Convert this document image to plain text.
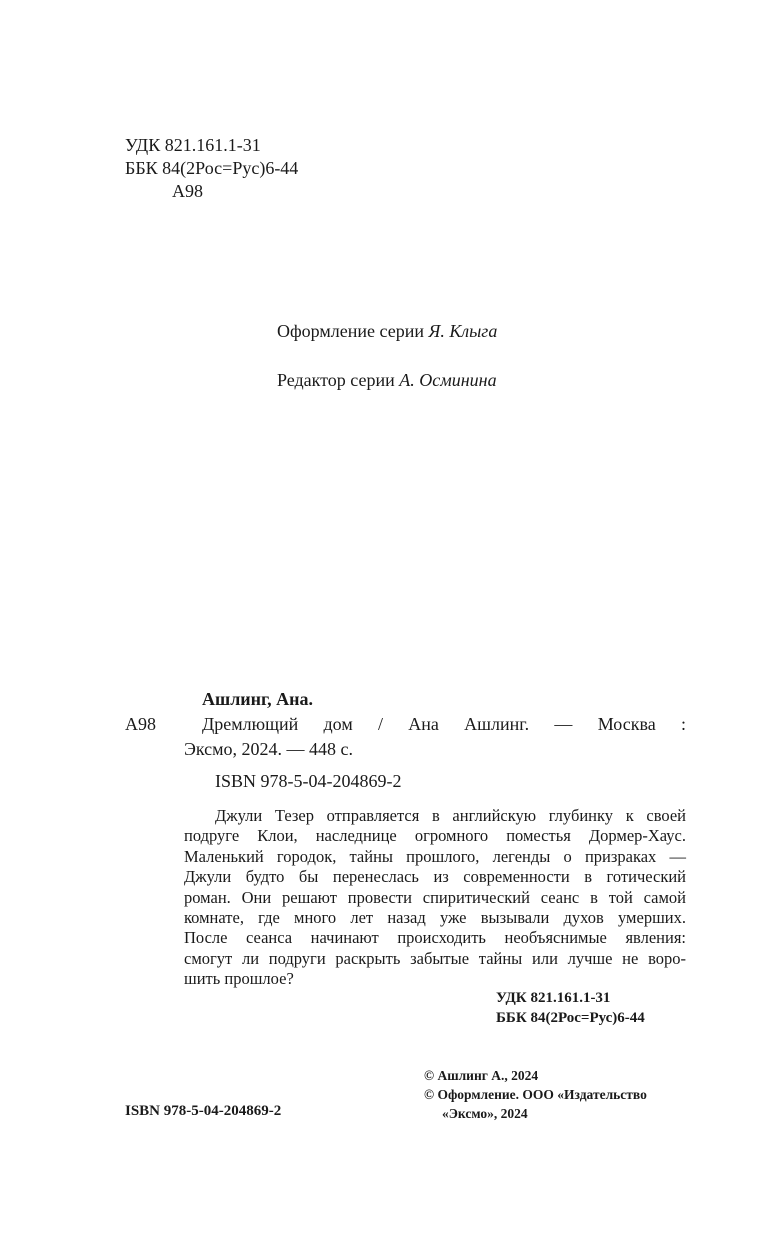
УДК 821.161.1-31
ББК 84(2Рос=Рус)6-44
А98
Оформление серии Я. Клыга
Редактор серии А. Осминина
Ашлинг, Ана.
А98	Дремлющий дом / Ана Ашлинг. — Москва :
Эксмо, 2024. — 448 с.
ISBN 978-5-04-204869-2
Джули Тезер отправляется в английскую глубинку к своей
подруге Клои, наследнице огромного поместья Дормер-Хаус.
Маленький городок, тайны прошлого, легенды о призраках —
Джули будто бы перенеслась из современности в готический
роман. Они решают провести спиритический сеанс в той самой
комнате, где много лет назад уже вызывали духов умерших.
После сеанса начинают происходить необъяснимые явления:
смогут ли подруги раскрыть забытые тайны или лучше не воро-
шить прошлое?
УДК 821.161.1-31
ББК 84(2Рос=Рус)6-44
ISBN 978-5-04-204869-2
© Ашлинг А., 2024
© Оформление. ООО «Издательство
«Эксмо», 2024
